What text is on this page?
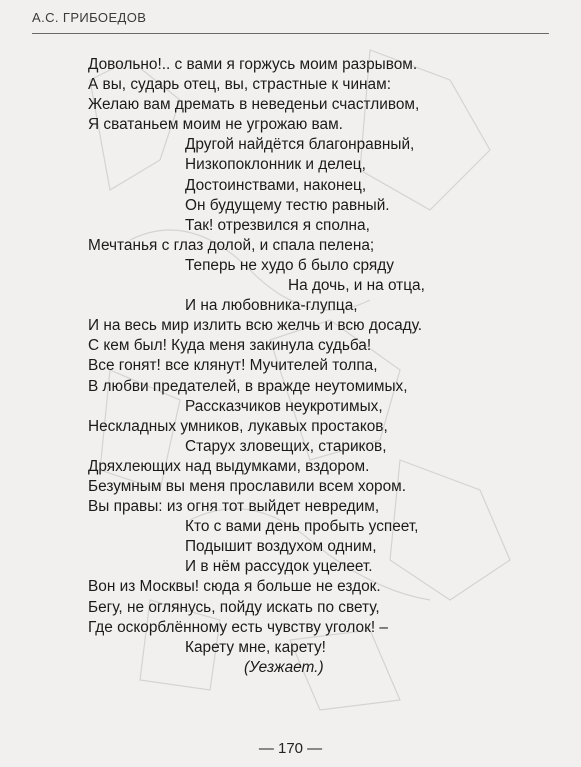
А.С. ГРИБОЕДОВ
Довольно!.. с вами я горжусь моим разрывом.
А вы, сударь отец, вы, страстные к чинам:
Желаю вам дремать в неведеньи счастливом,
Я сватаньем моим не угрожаю вам.
Другой найдётся благонравный,
Низкопоклонник и делец,
Достоинствами, наконец,
Он будущему тестю равный.
Так! отрезвился я сполна,
Мечтанья с глаз долой, и спала пелена;
Теперь не худо б было сряду
На дочь, и на отца,
И на любовника-глупца,
И на весь мир излить всю желчь и всю досаду.
С кем был! Куда меня закинула судьба!
Все гонят! все клянут! Мучителей толпа,
В любви предателей, в вражде неутомимых,
Рассказчиков неукротимых,
Нескладных умников, лукавых простаков,
Старух зловещих, стариков,
Дряхлеющих над выдумками, вздором.
Безумным вы меня прославили всем хором.
Вы правы: из огня тот выйдет невредим,
Кто с вами день пробыть успеет,
Подышит воздухом одним,
И в нём рассудок уцелеет.
Вон из Москвы! сюда я больше не ездок.
Бегу, не оглянусь, пойду искать по свету,
Где оскорблённому есть чувству уголок! –
Карету мне, карету!
(Уезжает.)
— 170 —
